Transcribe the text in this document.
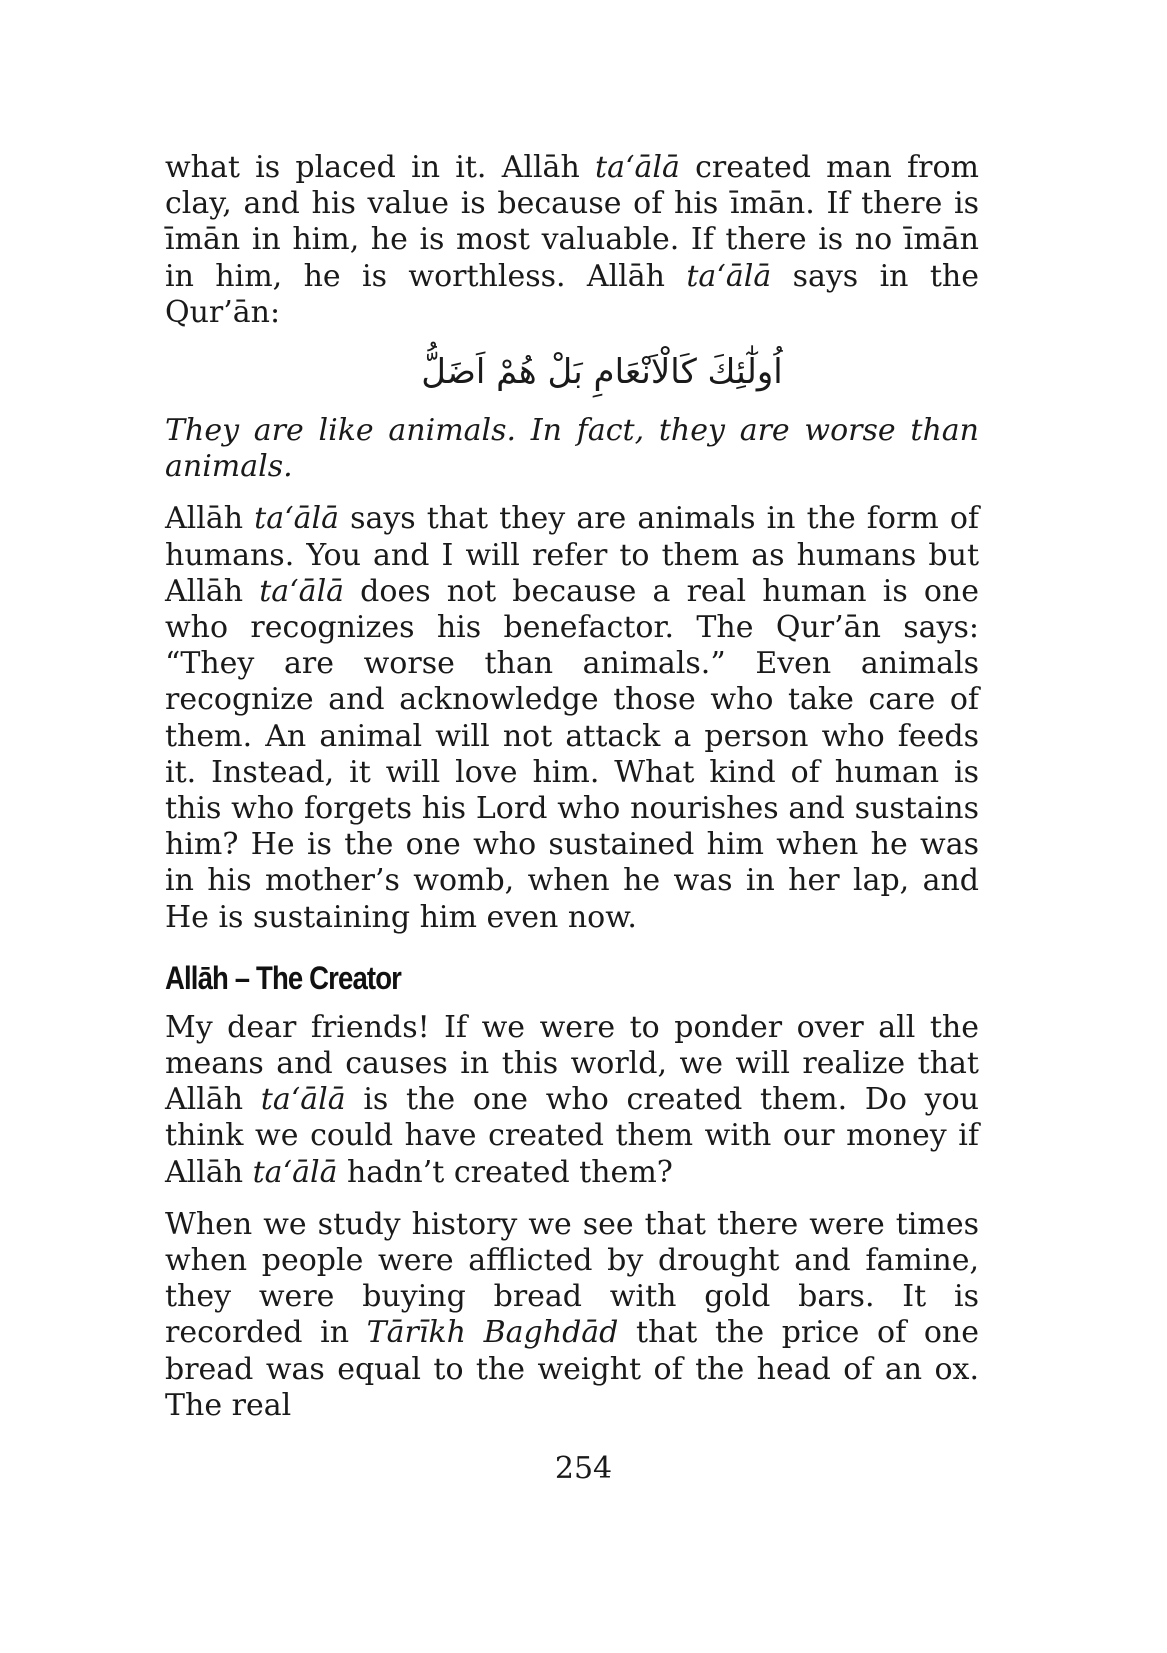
what is placed in it. Allāh ta‘ālā created man from clay, and his value is because of his īmān. If there is īmān in him, he is most valuable. If there is no īmān in him, he is worthless. Allāh ta‘ālā says in the Qur’ān:

اُولٰٓئِكَ كَالْاَنْعَامِ بَلْ هُمْ اَضَلُّ

They are like animals. In fact, they are worse than animals.

Allāh ta‘ālā says that they are animals in the form of humans. You and I will refer to them as humans but Allāh ta‘ālā does not because a real human is one who recognizes his benefactor. The Qur’ān says: “They are worse than animals.” Even animals recognize and acknowledge those who take care of them. An animal will not attack a person who feeds it. Instead, it will love him. What kind of human is this who forgets his Lord who nourishes and sustains him? He is the one who sustained him when he was in his mother’s womb, when he was in her lap, and He is sustaining him even now.

Allāh – The Creator

My dear friends! If we were to ponder over all the means and causes in this world, we will realize that Allāh ta‘ālā is the one who created them. Do you think we could have created them with our money if Allāh ta‘ālā hadn’t created them?

When we study history we see that there were times when people were afflicted by drought and famine, they were buying bread with gold bars. It is recorded in Tārīkh Baghdād that the price of one bread was equal to the weight of the head of an ox. The real

254
